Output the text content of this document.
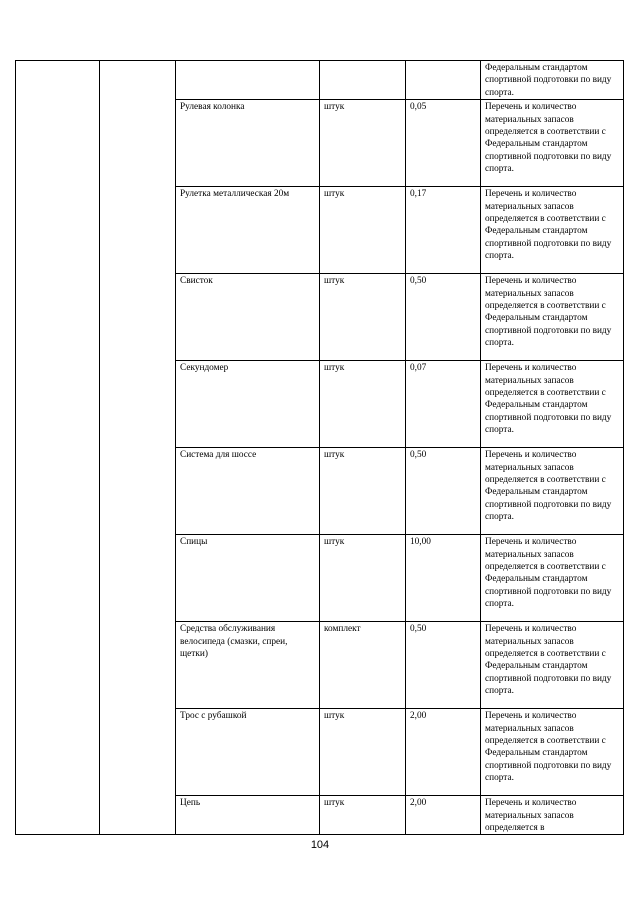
					Федеральным стандартом спортивной подготовки по виду спорта.
		Рулевая колонка	штук	0,05	Перечень и количество материальных запасов определяется в соответствии с Федеральным стандартом спортивной подготовки по виду спорта.
		Рулетка металлическая 20м	штук	0,17	Перечень и количество материальных запасов определяется в соответствии с Федеральным стандартом спортивной подготовки по виду спорта.
		Свисток	штук	0,50	Перечень и количество материальных запасов определяется в соответствии с Федеральным стандартом спортивной подготовки по виду спорта.
		Секундомер	штук	0,07	Перечень и количество материальных запасов определяется в соответствии с Федеральным стандартом спортивной подготовки по виду спорта.
		Система для шоссе	штук	0,50	Перечень и количество материальных запасов определяется в соответствии с Федеральным стандартом спортивной подготовки по виду спорта.
		Спицы	штук	10,00	Перечень и количество материальных запасов определяется в соответствии с Федеральным стандартом спортивной подготовки по виду спорта.
		Средства обслуживания велосипеда (смазки, спреи, щетки)	комплект	0,50	Перечень и количество материальных запасов определяется в соответствии с Федеральным стандартом спортивной подготовки по виду спорта.
		Трос с рубашкой	штук	2,00	Перечень и количество материальных запасов определяется в соответствии с Федеральным стандартом спортивной подготовки по виду спорта.
		Цепь	штук	2,00	Перечень и количество материальных запасов определяется в
104
